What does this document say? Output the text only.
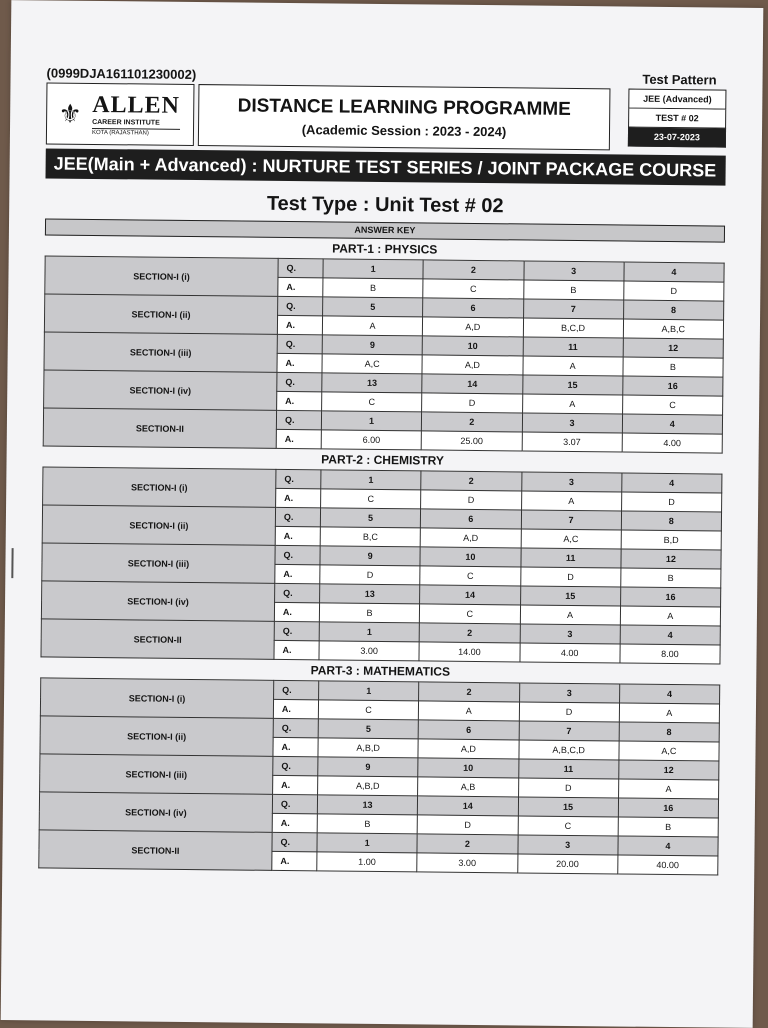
(0999DJA161101230002)	Test Pattern
⚜ ALLEN
CAREER INSTITUTE
KOTA (RAJASTHAN)
DISTANCE LEARNING PROGRAMME
(Academic Session : 2023 - 2024)
JEE (Advanced)
TEST # 02
23-07-2023
JEE(Main + Advanced) : NURTURE TEST SERIES / JOINT PACKAGE COURSE
Test Type : Unit Test # 02
ANSWER KEY
PART-1 : PHYSICS
SECTION-I (i)	Q.	1	2	3	4
	A.	B	C	B	D
SECTION-I (ii)	Q.	5	6	7	8
	A.	A	A,D	B,C,D	A,B,C
SECTION-I (iii)	Q.	9	10	11	12
	A.	A,C	A,D	A	B
SECTION-I (iv)	Q.	13	14	15	16
	A.	C	D	A	C
SECTION-II	Q.	1	2	3	4
	A.	6.00	25.00	3.07	4.00
PART-2 : CHEMISTRY
SECTION-I (i)	Q.	1	2	3	4
	A.	C	D	A	D
SECTION-I (ii)	Q.	5	6	7	8
	A.	B,C	A,D	A,C	B,D
SECTION-I (iii)	Q.	9	10	11	12
	A.	D	C	D	B
SECTION-I (iv)	Q.	13	14	15	16
	A.	B	C	A	A
SECTION-II	Q.	1	2	3	4
	A.	3.00	14.00	4.00	8.00
PART-3 : MATHEMATICS
SECTION-I (i)	Q.	1	2	3	4
	A.	C	A	D	A
SECTION-I (ii)	Q.	5	6	7	8
	A.	A,B,D	A,D	A,B,C,D	A,C
SECTION-I (iii)	Q.	9	10	11	12
	A.	A,B,D	A,B	D	A
SECTION-I (iv)	Q.	13	14	15	16
	A.	B	D	C	B
SECTION-II	Q.	1	2	3	4
	A.	1.00	3.00	20.00	40.00
